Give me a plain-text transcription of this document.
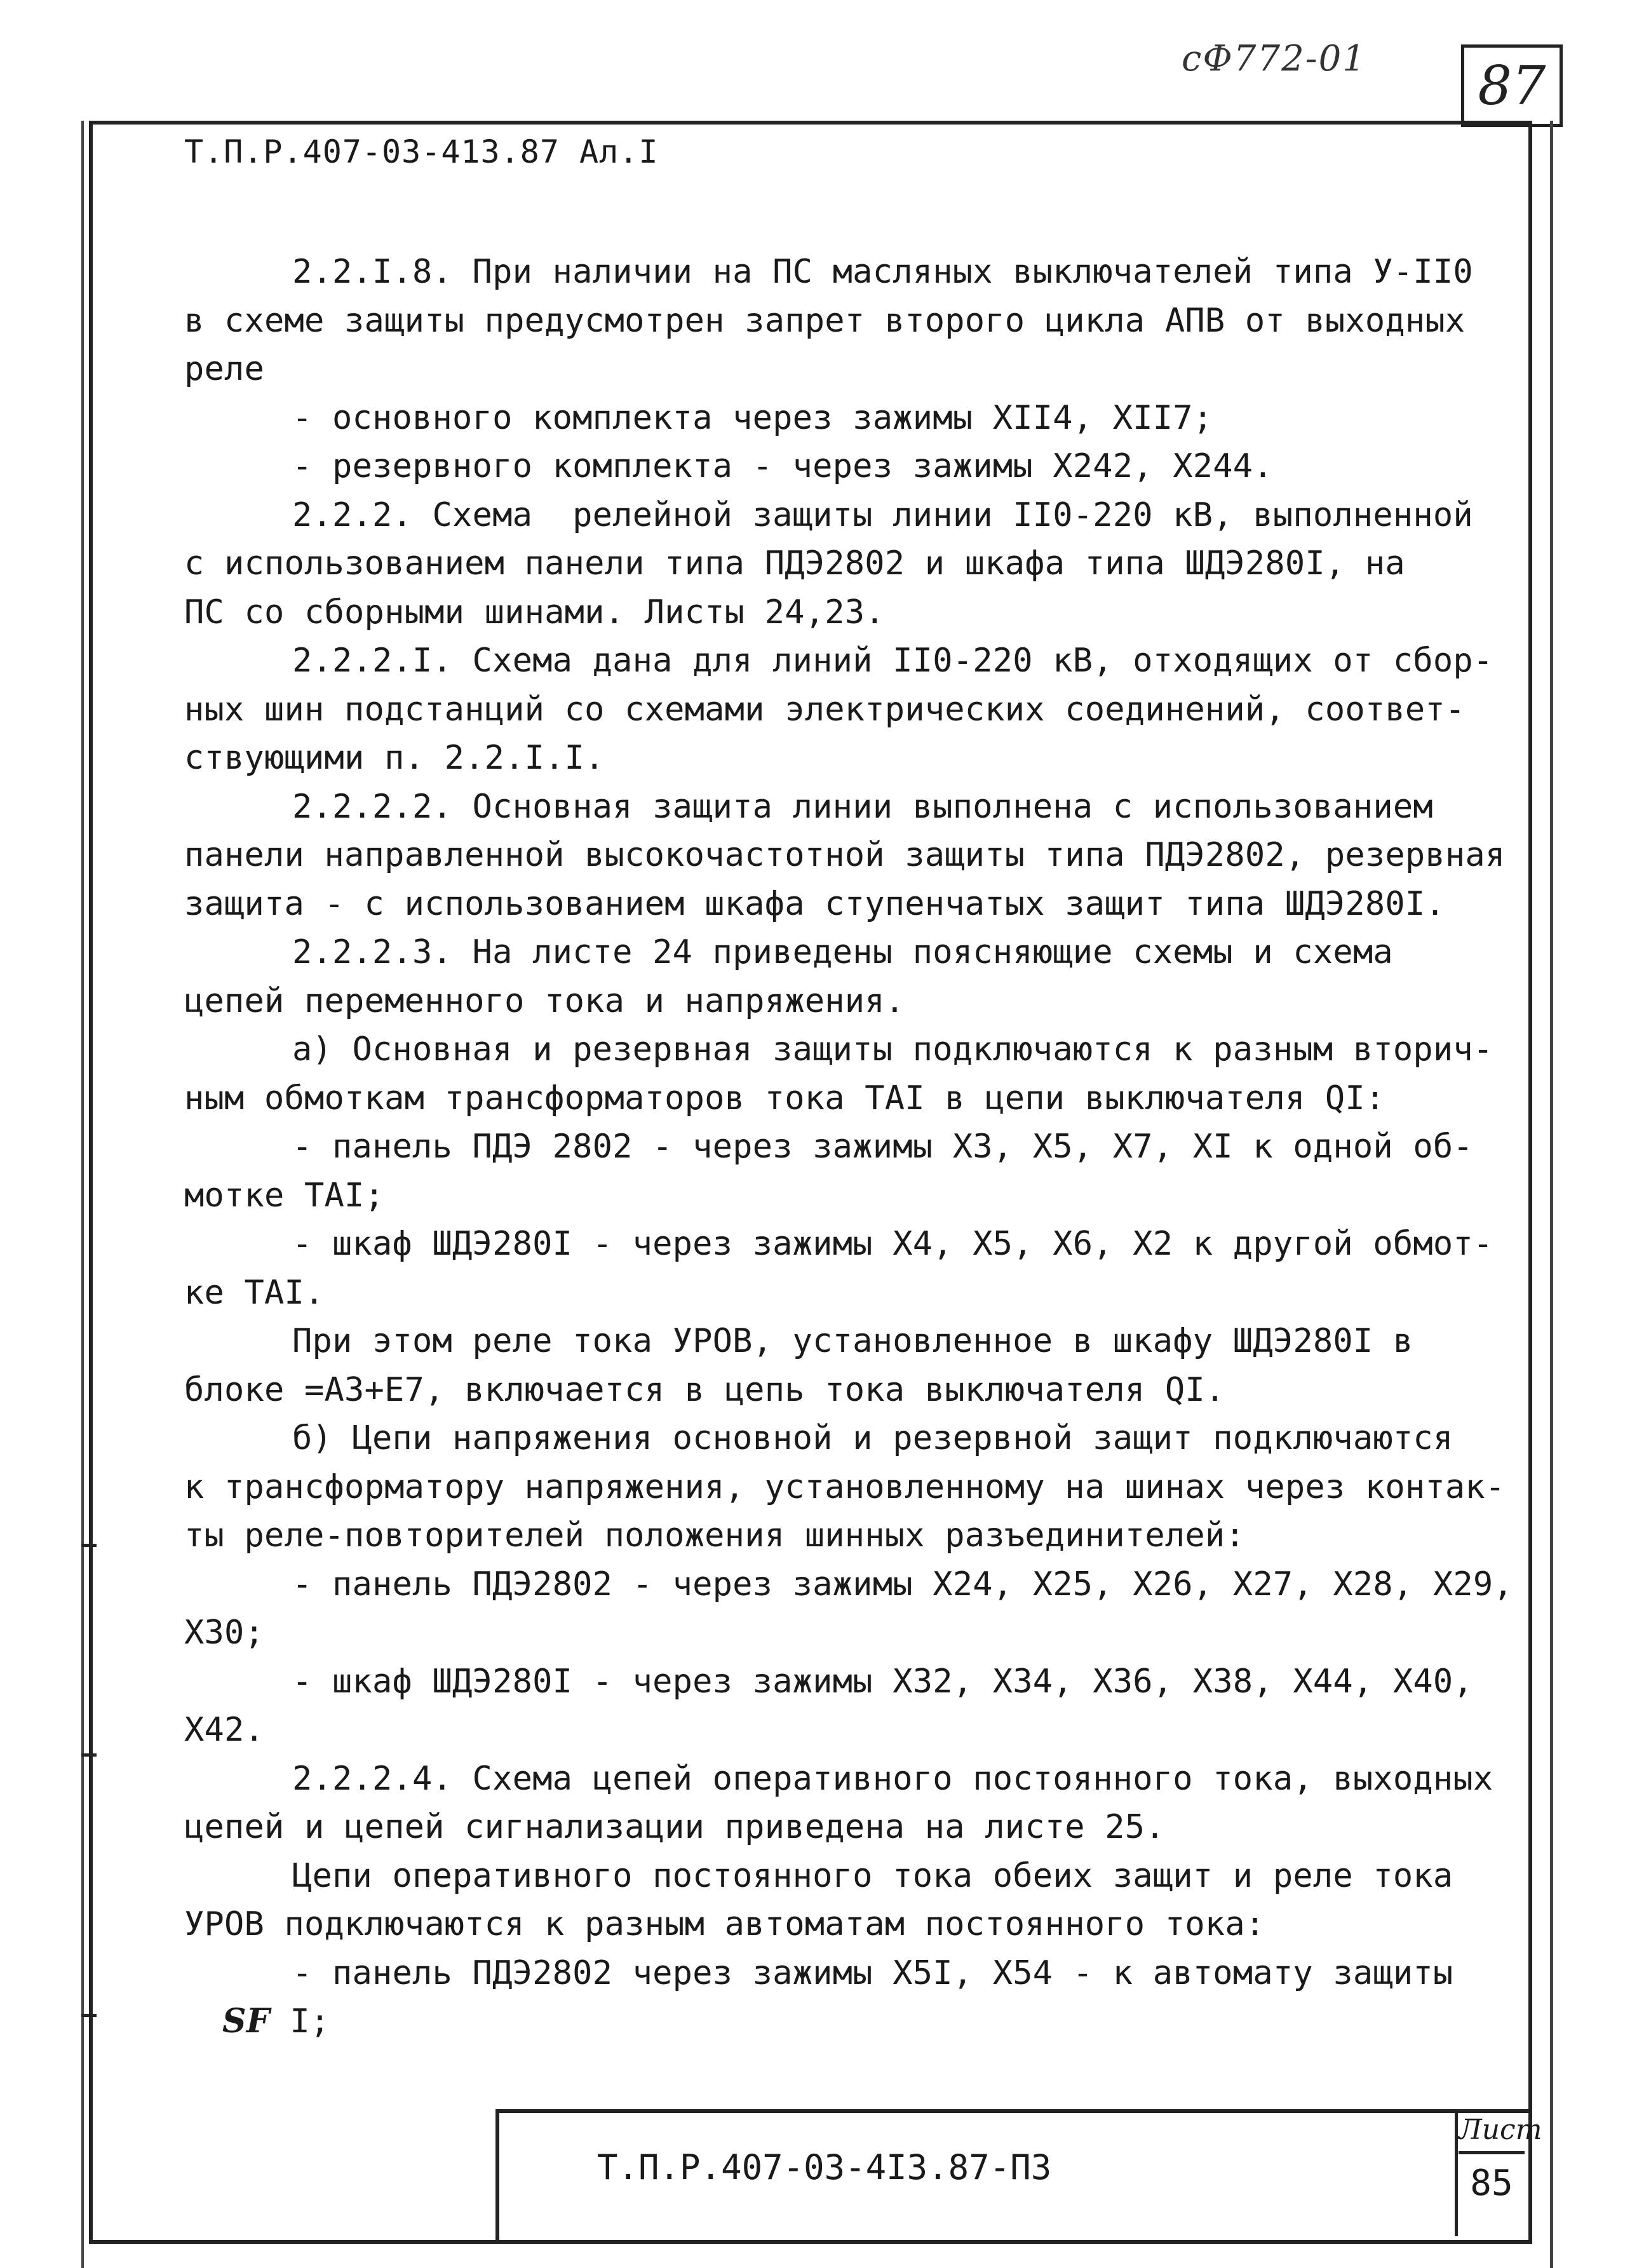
сФ772-01	87
Т.П.Р.407-03-413.87 Ал.I
2.2.I.8. При наличии на ПС масляных выключателей типа У-II0
в схеме защиты предусмотрен запрет второго цикла АПВ от выходных
реле
- основного комплекта через зажимы XII4, XII7;
- резервного комплекта - через зажимы X242, X244.
2.2.2. Схема  релейной защиты линии II0-220 кВ, выполненной
с использованием панели типа ПДЭ2802 и шкафа типа ШДЭ280I, на
ПС со сборными шинами. Листы 24,23.
2.2.2.I. Схема дана для линий II0-220 кВ, отходящих от сбор-
ных шин подстанций со схемами электрических соединений, соответ-
ствующими п. 2.2.I.I.
2.2.2.2. Основная защита линии выполнена с использованием
панели направленной высокочастотной защиты типа ПДЭ2802, резервная
защита - с использованием шкафа ступенчатых защит типа ШДЭ280I.
2.2.2.3. На листе 24 приведены поясняющие схемы и схема
цепей переменного тока и напряжения.
а) Основная и резервная защиты подключаются к разным вторич-
ным обмоткам трансформаторов тока TAI в цепи выключателя QI:
- панель ПДЭ 2802 - через зажимы X3, X5, X7, XI к одной об-
мотке TAI;
- шкаф ШДЭ280I - через зажимы X4, X5, X6, X2 к другой обмот-
ке TAI.
При этом реле тока УРОВ, установленное в шкафу ШДЭ280I в
блоке =А3+Е7, включается в цепь тока выключателя QI.
б) Цепи напряжения основной и резервной защит подключаются
к трансформатору напряжения, установленному на шинах через контак-
ты реле-повторителей положения шинных разъединителей:
- панель ПДЭ2802 - через зажимы X24, X25, X26, X27, X28, X29,
X30;
- шкаф ШДЭ280I - через зажимы X32, X34, X36, X38, X44, X40,
X42.
2.2.2.4. Схема цепей оперативного постоянного тока, выходных
цепей и цепей сигнализации приведена на листе 25.
Цепи оперативного постоянного тока обеих защит и реле тока
УРОВ подключаются к разным автоматам постоянного тока:
- панель ПДЭ2802 через зажимы X5I, X54 - к автомату защиты
SF I;
Т.П.Р.407-03-4I3.87-ПЗ
Лист
85
